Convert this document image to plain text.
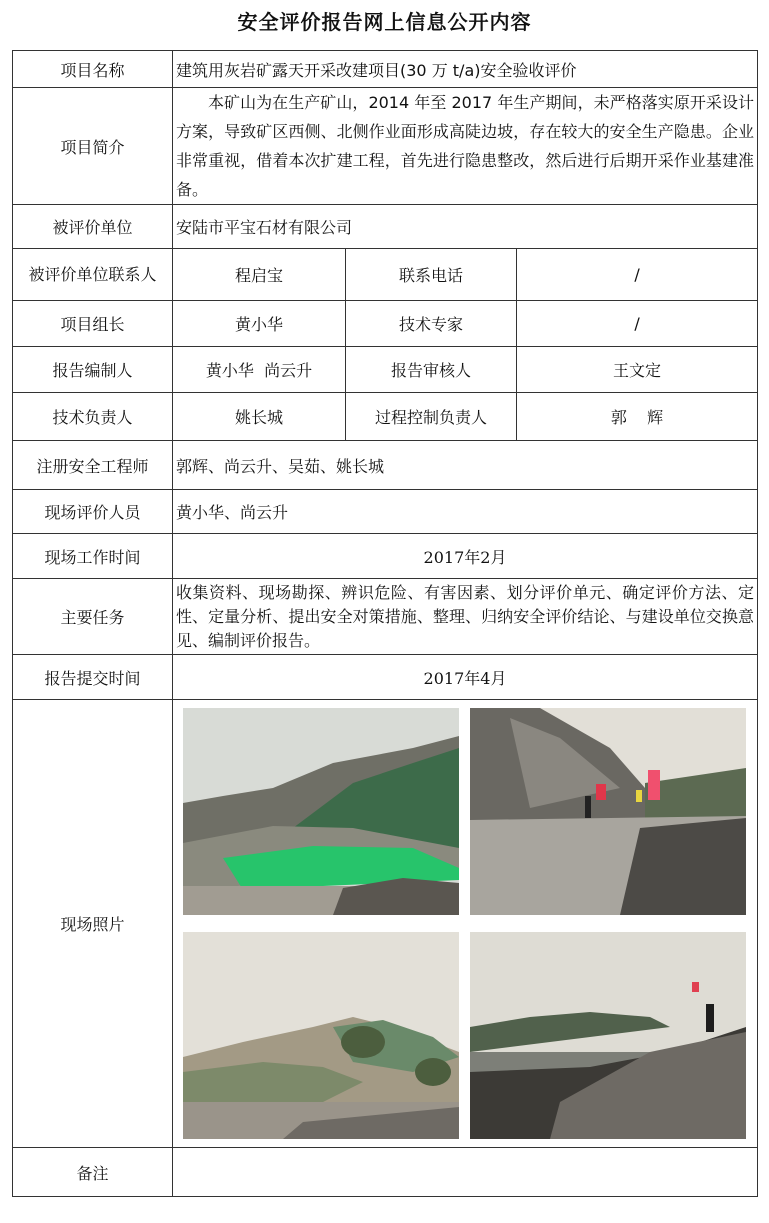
安全评价报告网上信息公开内容
项目名称	建筑用灰岩矿露天开采改建项目(30 万 t/a)安全验收评价		
项目简介	本矿山为在生产矿山，2014 年至 2017 年生产期间，未严格落实原开采设计方案，导致矿区西侧、北侧作业面形成高陡边坡，存在较大的安全生产隐患。企业非常重视，借着本次扩建工程，首先进行隐患整改，然后进行后期开采作业基建准备。		

被评价单位	安陆市平宝石材有限公司		
被评价单位联系人	程启宝	联系电话	/
项目组长	黄小华	技术专家	/
报告编制人	黄小华  尚云升	报告审核人	王文定
技术负责人	姚长城	过程控制负责人	郭    辉
注册安全工程师	郭辉、尚云升、吴茹、姚长城		
现场评价人员	黄小华、尚云升		
现场工作时间	2017年2月		
主要任务	收集资料、现场勘探、辨识危险、有害因素、划分评价单元、确定评价方法、定性、定量分析、提出安全对策措施、整理、归纳安全评价结论、与建设单位交换意见、编制评价报告。		

报告提交时间	2017年4月		
现场照片	

备注			
